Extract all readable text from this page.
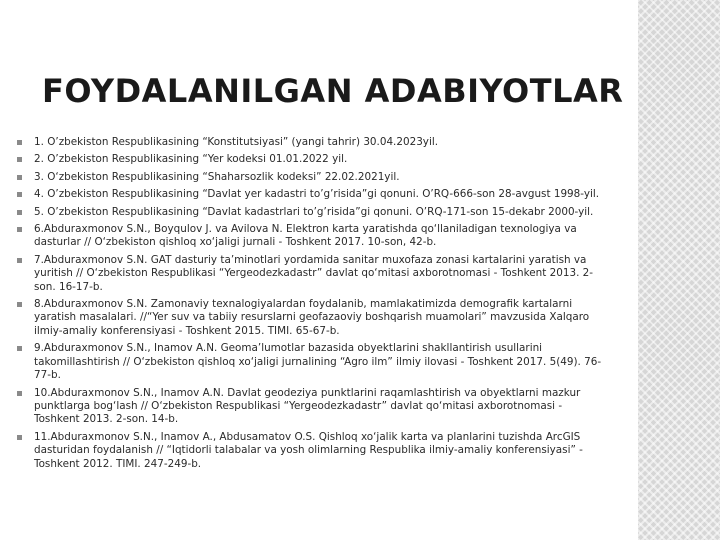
FOYDALANILGAN ADABIYOTLAR
1. O’zbekiston Respublikasining “Konstitutsiyasi” (yangi tahrir) 30.04.2023yil.
2. O’zbekiston Respublikasining “Yer kodeksi 01.01.2022 yil.
3. O‘zbekiston Respublikasining “Shaharsozlik kodeksi” 22.02.2021yil.
4. O’zbekiston Respublikasining “Davlat yer kadastri to’g’risida”gi qonuni. O’RQ-666-son 28-avgust 1998-yil.
5. O’zbekiston Respublikasining “Davlat kadastrlari to’g’risida”gi qonuni. O’RQ-171-son 15-dekabr 2000-yil.
6.Abduraxmonov S.N., Boyqulov J. va Avilova N. Elektron karta yaratishda qo‘llaniladigan texnologiya va dasturlar // O‘zbekiston qishloq xo‘jaligi jurnali - Toshkent 2017. 10-son, 42-b.
7.Abduraxmonov S.N. GAT dasturiy ta’minotlari yordamida sanitar muxofaza zonasi kartalarini yaratish va yuritish // O‘zbekiston Respublikasi “Yergeodezkadastr” davlat qo‘mitasi axborotnomasi - Toshkent 2013. 2-son. 16-17-b.
8.Abduraxmonov S.N. Zamonaviy texnalogiyalardan foydalanib, mamlakatimizda demografik kartalarni yaratish masalalari. //“Yer suv va tabiiy resurslarni geofazaoviy boshqarish muamolari” mavzusida Xalqaro ilmiy-amaliy konferensiyasi - Toshkent 2015. TIMI. 65-67-b.
9.Abduraxmonov S.N., Inamov A.N. Geoma’lumotlar bazasida obyektlarini shakllantirish usullarini takomillashtirish // O‘zbekiston qishloq xo‘jaligi jurnalining “Agro ilm” ilmiy ilovasi - Toshkent 2017. 5(49). 76-77-b.
10.Abduraxmonov S.N., Inamov A.N. Davlat geodeziya punktlarini raqamlashtirish va obyektlarni mazkur punktlarga bog‘lash // O‘zbekiston Respublikasi “Yergeodezkadastr” davlat qo‘mitasi axborotnomasi - Toshkent 2013. 2-son. 14-b.
11.Abduraxmonov S.N., Inamov A., Abdusamatov O.S. Qishloq xo‘jalik karta va planlarini tuzishda ArcGIS dasturidan foydalanish // “Iqtidorli talabalar va yosh olimlarning Respublika ilmiy-amaliy konferensiyasi” - Toshkent 2012. TIMI. 247-249-b.
